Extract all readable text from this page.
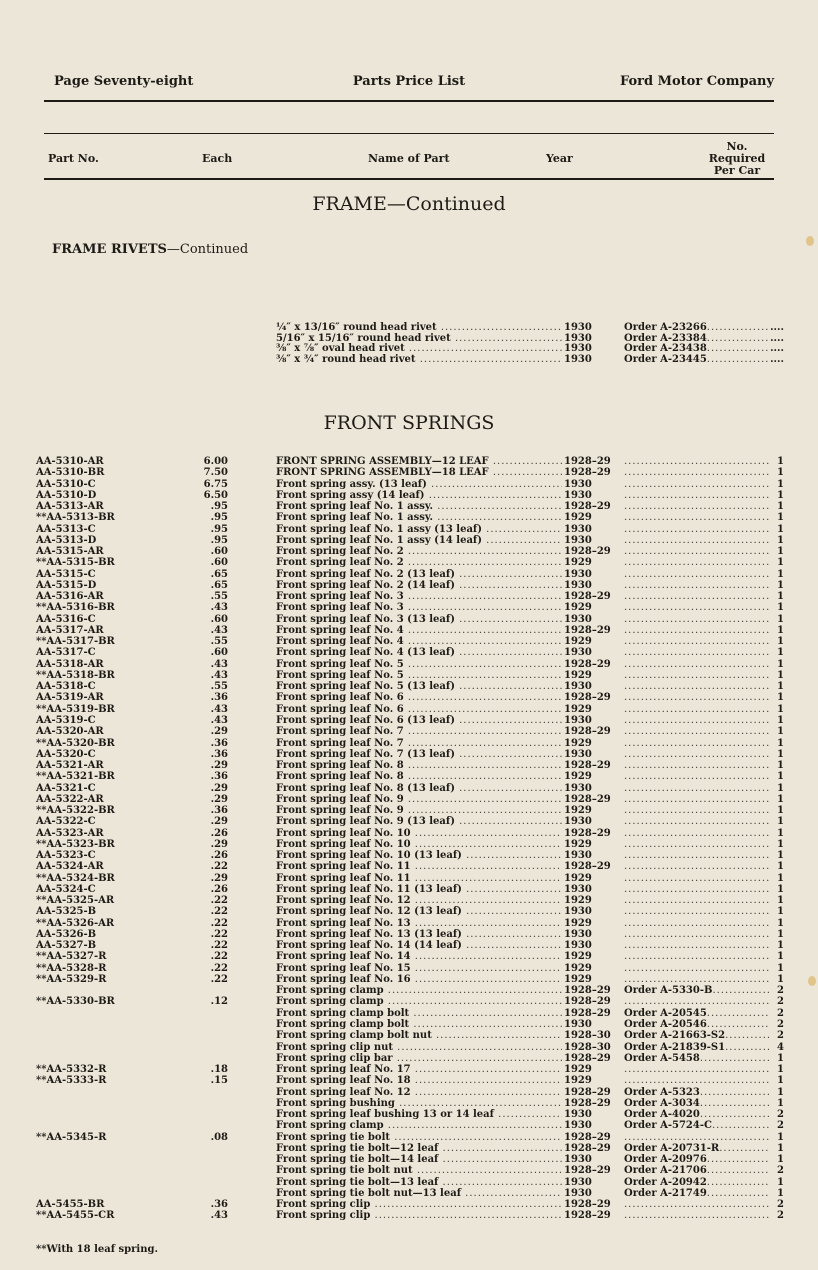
Page Seventy-eight	Parts Price List	Ford Motor Company
Part No.	Each	Name of Part	Year
No. Required Per Car
FRAME—Continued
FRAME RIVETS—Continued
¼″ x 13/16″ round head rivet .....	1930	Order A-23266 .....	....
5/16″ x 15/16″ round head rivet .....	1930	Order A-23384 .....	....
⅜″ x ⅞″ oval head rivet .....	1930	Order A-23438 .....	....
⅜″ x ¾″ round head rivet .....	1930	Order A-23445 .....	....
FRONT SPRINGS
AA-5310-AR	6.00	FRONT SPRING ASSEMBLY—12 LEAF .....	1928–29 .....	1
AA-5310-BR	7.50	FRONT SPRING ASSEMBLY—18 LEAF .....	1928–29 .....	1
AA-5310-C	6.75	Front spring assy. (13 leaf) .....	1930 .....	1
AA-5310-D	6.50	Front spring assy (14 leaf) .....	1930 .....	1
AA-5313-AR	.95	Front spring leaf No. 1 assy. .....	1928–29 .....	1
**AA-5313-BR	.95	Front spring leaf No. 1 assy. .....	1929 .....	1
AA-5313-C	.95	Front spring leaf No. 1 assy (13 leaf) .....	1930 .....	1
AA-5313-D	.95	Front spring leaf No. 1 assy (14 leaf) .....	1930 .....	1
AA-5315-AR	.60	Front spring leaf No. 2 .....	1928–29 .....	1
**AA-5315-BR	.60	Front spring leaf No. 2 .....	1929 .....	1
AA-5315-C	.65	Front spring leaf No. 2 (13 leaf) .....	1930 .....	1
AA-5315-D	.65	Front spring leaf No. 2 (14 leaf) .....	1930 .....	1
AA-5316-AR	.55	Front spring leaf No. 3 .....	1928–29 .....	1
**AA-5316-BR	.43	Front spring leaf No. 3 .....	1929 .....	1
AA-5316-C	.60	Front spring leaf No. 3 (13 leaf) .....	1930 .....	1
AA-5317-AR	.43	Front spring leaf No. 4 .....	1928–29 .....	1
**AA-5317-BR	.55	Front spring leaf No. 4 .....	1929 .....	1
AA-5317-C	.60	Front spring leaf No. 4 (13 leaf) .....	1930 .....	1
AA-5318-AR	.43	Front spring leaf No. 5 .....	1928–29 .....	1
**AA-5318-BR	.43	Front spring leaf No. 5 .....	1929 .....	1
AA-5318-C	.55	Front spring leaf No. 5 (13 leaf) .....	1930 .....	1
AA-5319-AR	.36	Front spring leaf No. 6 .....	1928–29 .....	1
**AA-5319-BR	.43	Front spring leaf No. 6 .....	1929 .....	1
AA-5319-C	.43	Front spring leaf No. 6 (13 leaf) .....	1930 .....	1
AA-5320-AR	.29	Front spring leaf No. 7 .....	1928–29 .....	1
**AA-5320-BR	.36	Front spring leaf No. 7 .....	1929 .....	1
AA-5320-C	.36	Front spring leaf No. 7 (13 leaf) .....	1930 .....	1
AA-5321-AR	.29	Front spring leaf No. 8 .....	1928–29 .....	1
**AA-5321-BR	.36	Front spring leaf No. 8 .....	1929 .....	1
AA-5321-C	.29	Front spring leaf No. 8 (13 leaf) .....	1930 .....	1
AA-5322-AR	.29	Front spring leaf No. 9 .....	1928–29 .....	1
**AA-5322-BR	.36	Front spring leaf No. 9 .....	1929 .....	1
AA-5322-C	.29	Front spring leaf No. 9 (13 leaf) .....	1930 .....	1
AA-5323-AR	.26	Front spring leaf No. 10 .....	1928–29 .....	1
**AA-5323-BR	.29	Front spring leaf No. 10 .....	1929 .....	1
AA-5323-C	.26	Front spring leaf No. 10 (13 leaf) .....	1930 .....	1
AA-5324-AR	.22	Front spring leaf No. 11 .....	1928–29 .....	1
**AA-5324-BR	.29	Front spring leaf No. 11 .....	1929 .....	1
AA-5324-C	.26	Front spring leaf No. 11 (13 leaf) .....	1930 .....	1
**AA-5325-AR	.22	Front spring leaf No. 12 .....	1929 .....	1
AA-5325-B	.22	Front spring leaf No. 12 (13 leaf) .....	1930 .....	1
**AA-5326-AR	.22	Front spring leaf No. 13 .....	1929 .....	1
AA-5326-B	.22	Front spring leaf No. 13 (13 leaf) .....	1930 .....	1
AA-5327-B	.22	Front spring leaf No. 14 (14 leaf) .....	1930 .....	1
**AA-5327-R	.22	Front spring leaf No. 14 .....	1929 .....	1
**AA-5328-R	.22	Front spring leaf No. 15 .....	1929 .....	1
**AA-5329-R	.22	Front spring leaf No. 16 .....	1929 .....	1
Front spring clamp .....	1928–29	Order A-5330-B .....	2
**AA-5330-BR	.12	Front spring clamp .....	1928–29 .....	2
Front spring clamp bolt .....	1928–29	Order A-20545 .....	2
Front spring clamp bolt .....	1930	Order A-20546 .....	2
Front spring clamp bolt nut .....	1928–30	Order A-21663-S2 .....	2
Front spring clip nut .....	1928–30	Order A-21839-S1 .....	4
Front spring clip bar .....	1928–29	Order A-5458 .....	1
**AA-5332-R	.18	Front spring leaf No. 17 .....	1929 .....	1
**AA-5333-R	.15	Front spring leaf No. 18 .....	1929 .....	1
Front spring leaf No. 12 .....	1928–29	Order A-5323 .....	1
Front spring bushing .....	1928–29	Order A-3034 .....	1
Front spring leaf bushing 13 or 14 leaf .....	1930	Order A-4020 .....	2
Front spring clamp .....	1930	Order A-5724-C .....	2
**AA-5345-R	.08	Front spring tie bolt .....	1928–29 .....	1
Front spring tie bolt—12 leaf .....	1928–29	Order A-20731-R .....	1
Front spring tie bolt—14 leaf .....	1930	Order A-20976 .....	1
Front spring tie bolt nut .....	1928–29	Order A-21706 .....	2
Front spring tie bolt—13 leaf .....	1930	Order A-20942 .....	1
Front spring tie bolt nut—13 leaf .....	1930	Order A-21749 .....	1
AA-5455-BR	.36	Front spring clip .....	1928–29 .....	2
**AA-5455-CR	.43	Front spring clip .....	1928–29 .....	2
**With 18 leaf spring.
